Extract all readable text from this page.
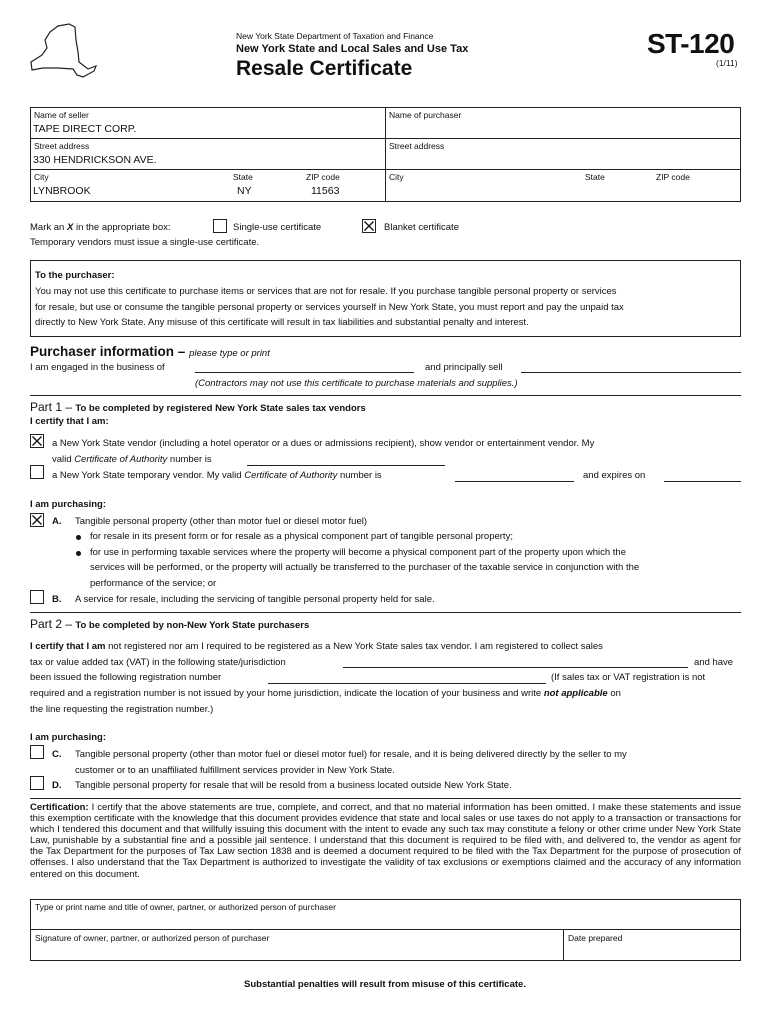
New York State Department of Taxation and Finance
New York State and Local Sales and Use Tax
Resale Certificate
ST-120
(1/11)
Name of seller
TAPE DIRECT CORP.
Street address
330 HENDRICKSON AVE.
City
LYNBROOK
State
NY
ZIP code
11563
Name of purchaser
Street address
City	State	ZIP code
Mark an X in the appropriate box:	Single-use certificate	Blanket certificate
Temporary vendors must issue a single-use certificate.
To the purchaser:
You may not use this certificate to purchase items or services that are not for resale. If you purchase tangible personal property or services
for resale, but use or consume the tangible personal property or services yourself in New York State, you must report and pay the unpaid tax
directly to New York State. Any misuse of this certificate will result in tax liabilities and substantial penalty and interest.
Purchaser information – please type or print
I am engaged in the business of	and principally sell
(Contractors may not use this certificate to purchase materials and supplies.)
Part 1 – To be completed by registered New York State sales tax vendors
I certify that I am:
a New York State vendor (including a hotel operator or a dues or admissions recipient), show vendor or entertainment vendor. My
valid Certificate of Authority number is
a New York State temporary vendor. My valid Certificate of Authority number is	and expires on
I am purchasing:
A. Tangible personal property (other than motor fuel or diesel motor fuel)
for resale in its present form or for resale as a physical component part of tangible personal property;
for use in performing taxable services where the property will become a physical component part of the property upon which the
services will be performed, or the property will actually be transferred to the purchaser of the taxable service in conjunction with the
performance of the service; or
B. A service for resale, including the servicing of tangible personal property held for sale.
Part 2 – To be completed by non-New York State purchasers
I certify that I am not registered nor am I required to be registered as a New York State sales tax vendor. I am registered to collect sales
tax or value added tax (VAT) in the following state/jurisdiction	and have
been issued the following registration number	(If sales tax or VAT registration is not
required and a registration number is not issued by your home jurisdiction, indicate the location of your business and write not applicable on
the line requesting the registration number.)
I am purchasing:
C. Tangible personal property (other than motor fuel or diesel motor fuel) for resale, and it is being delivered directly by the seller to my
customer or to an unaffiliated fulfillment services provider in New York State.
D. Tangible personal property for resale that will be resold from a business located outside New York State.
Certification: I certify that the above statements are true, complete, and correct, and that no material information has been omitted. I make these statements and issue this exemption certificate with the knowledge that this document provides evidence that state and local sales or use taxes do not apply to a transaction or transactions for which I tendered this document and that willfully issuing this document with the intent to evade any such tax may constitute a felony or other crime under New York State Law, punishable by a substantial fine and a possible jail sentence. I understand that this document is required to be filed with, and delivered to, the vendor as agent for the Tax Department for the purposes of Tax Law section 1838 and is deemed a document required to be filed with the Tax Department for the purpose of prosecution of offenses. I also understand that the Tax Department is authorized to investigate the validity of tax exclusions or exemptions claimed and the accuracy of any information entered on this document.
Type or print name and title of owner, partner, or authorized person of purchaser
Signature of owner, partner, or authorized person of purchaser	Date prepared
Substantial penalties will result from misuse of this certificate.
